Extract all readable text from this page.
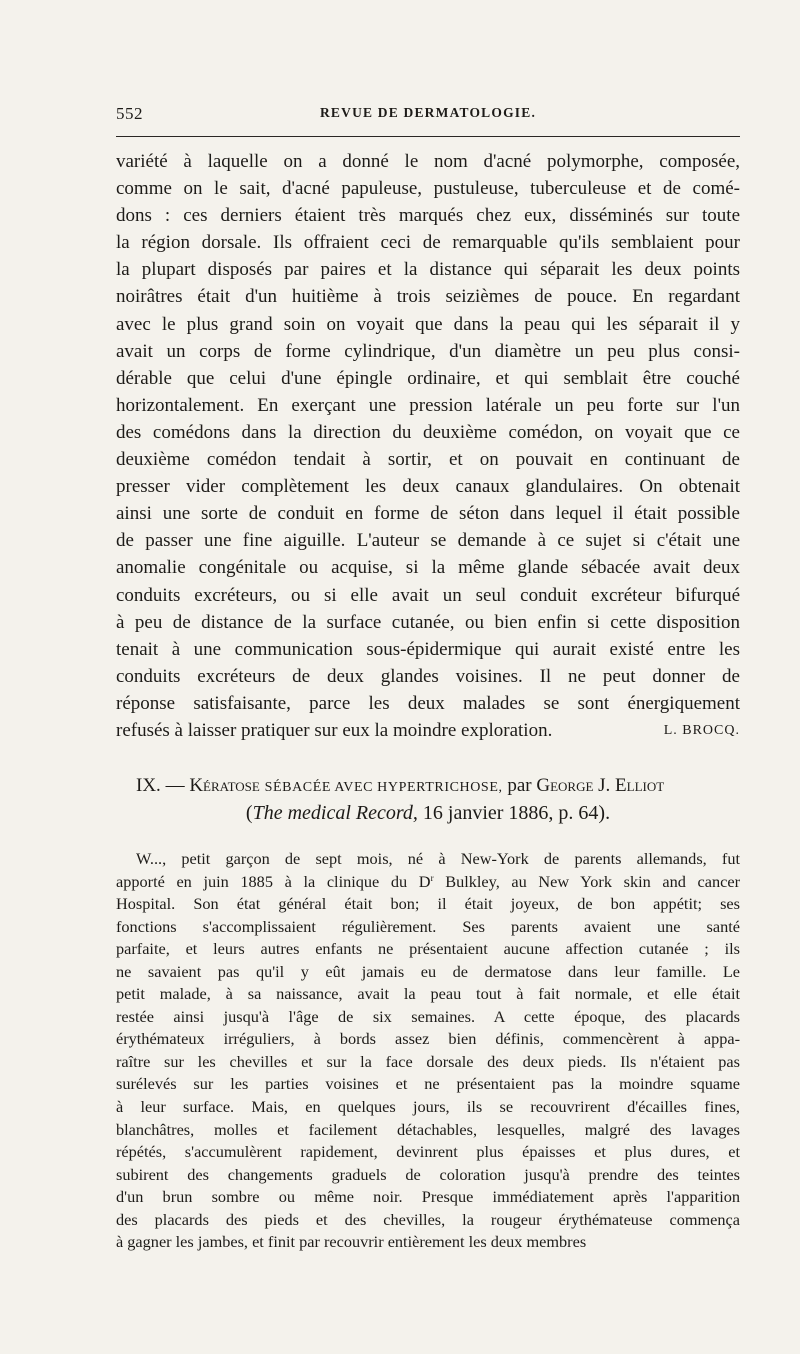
552	REVUE DE DERMATOLOGIE.
variété à laquelle on a donné le nom d'acné polymorphe, composée,
comme on le sait, d'acné papuleuse, pustuleuse, tuberculeuse et de comé-
dons : ces derniers étaient très marqués chez eux, disséminés sur toute
la région dorsale. Ils offraient ceci de remarquable qu'ils semblaient pour
la plupart disposés par paires et la distance qui séparait les deux points
noirâtres était d'un huitième à trois seizièmes de pouce. En regardant
avec le plus grand soin on voyait que dans la peau qui les séparait il y
avait un corps de forme cylindrique, d'un diamètre un peu plus consi-
dérable que celui d'une épingle ordinaire, et qui semblait être couché
horizontalement. En exerçant une pression latérale un peu forte sur l'un
des comédons dans la direction du deuxième comédon, on voyait que ce
deuxième comédon tendait à sortir, et on pouvait en continuant de
presser vider complètement les deux canaux glandulaires. On obtenait
ainsi une sorte de conduit en forme de séton dans lequel il était possible
de passer une fine aiguille. L'auteur se demande à ce sujet si c'était une
anomalie congénitale ou acquise, si la même glande sébacée avait deux
conduits excréteurs, ou si elle avait un seul conduit excréteur bifurqué
à peu de distance de la surface cutanée, ou bien enfin si cette disposition
tenait à une communication sous-épidermique qui aurait existé entre les
conduits excréteurs de deux glandes voisines. Il ne peut donner de
réponse satisfaisante, parce les deux malades se sont énergiquement
refusés à laisser pratiquer sur eux la moindre exploration.	L. BROCQ.
IX. — Kératose SÉBACÉE AVEC HYPERTRICHOSE, par George J. Elliot
(The medical Record, 16 janvier 1886, p. 64).
W..., petit garçon de sept mois, né à New-York de parents allemands, fut
apporté en juin 1885 à la clinique du $D^r$ Bulkley, au New York skin and cancer
Hospital. Son état général était bon; il était joyeux, de bon appétit; ses
fonctions s'accomplissaient régulièrement. Ses parents avaient une santé
parfaite, et leurs autres enfants ne présentaient aucune affection cutanée ; ils
ne savaient pas qu'il y eût jamais eu de dermatose dans leur famille. Le
petit malade, à sa naissance, avait la peau tout à fait normale, et elle était
restée ainsi jusqu'à l'âge de six semaines. A cette époque, des placards
érythémateux irréguliers, à bords assez bien définis, commencèrent à appa-
raître sur les chevilles et sur la face dorsale des deux pieds. Ils n'étaient pas
surélevés sur les parties voisines et ne présentaient pas la moindre squame
à leur surface. Mais, en quelques jours, ils se recouvrirent d'écailles fines,
blanchâtres, molles et facilement détachables, lesquelles, malgré des lavages
répétés, s'accumulèrent rapidement, devinrent plus épaisses et plus dures, et
subirent des changements graduels de coloration jusqu'à prendre des teintes
d'un brun sombre ou même noir. Presque immédiatement après l'apparition
des placards des pieds et des chevilles, la rougeur érythémateuse commença
à gagner les jambes, et finit par recouvrir entièrement les deux membres
